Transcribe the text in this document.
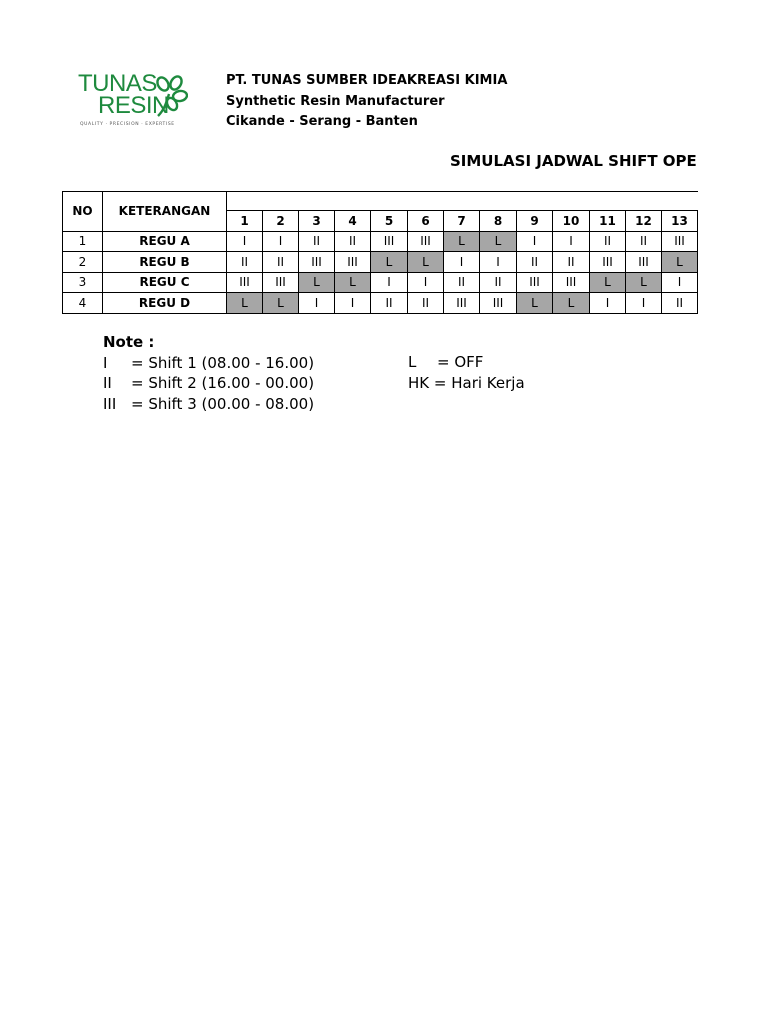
TUNAS
RESIN
QUALITY · PRECISION · EXPERTISE
PT. TUNAS SUMBER IDEAKREASI KIMIA
Synthetic Resin Manufacturer
Cikande - Serang - Banten
SIMULASI JADWAL SHIFT OPE
NO	KETERANGAN													
		1	2	3	4	5	6	7	8	9	10	11	12	13
1	REGU A	I	I	II	II	III	III	L	L	I	I	II	II	III
2	REGU B	II	II	III	III	L	L	I	I	II	II	III	III	L
3	REGU C	III	III	L	L	I	I	II	II	III	III	L	L	I
4	REGU D	L	L	I	I	II	II	III	III	L	L	I	I	II
Note :
I = Shift 1 (08.00 - 16.00)
II = Shift 2 (16.00 - 00.00)
III = Shift 3 (00.00 - 08.00)
L = OFF
HK = Hari Kerja
